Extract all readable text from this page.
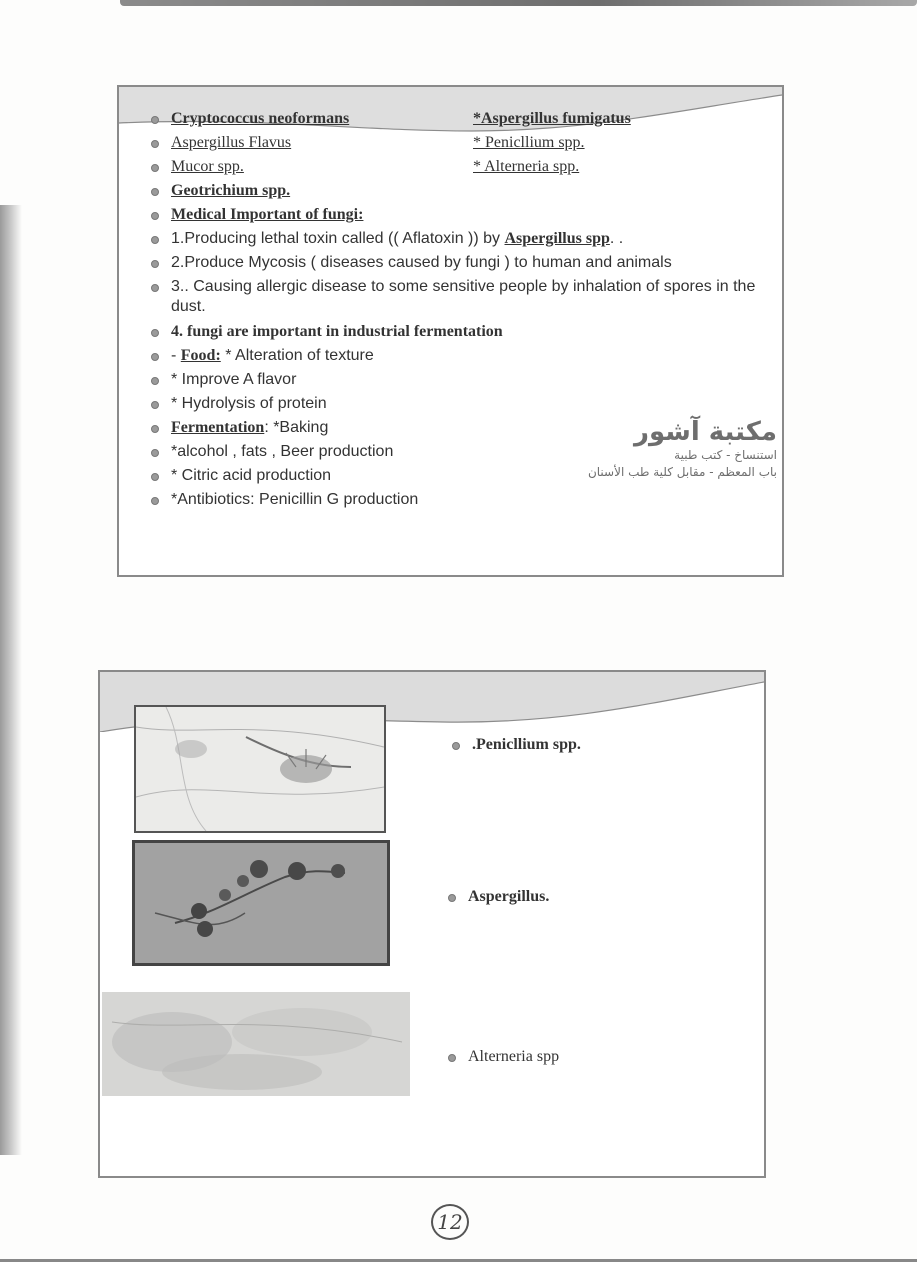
Cryptococcus neoformans	*Aspergillus fumigatus
Aspergillus Flavus	* Penicllium spp.
Mucor spp.	* Alterneria spp.
Geotrichium spp.
Medical Important of fungi:
1.Producing lethal toxin called (( Aflatoxin )) by Aspergillus spp. .
2.Produce Mycosis ( diseases caused by fungi ) to human and animals
3.. Causing allergic disease to some sensitive people by inhalation of spores in the dust.
4. fungi are important in industrial fermentation
- Food: * Alteration of texture
* Improve A flavor
* Hydrolysis of protein
Fermentation: *Baking
*alcohol , fats , Beer production
* Citric acid production
*Antibiotics: Penicillin G production
مكتبة آشور
استنساخ - كتب طبية
باب المعظم - مقابل كلية طب الأسنان
.Penicllium spp.
Aspergillus.
Alterneria spp
12
